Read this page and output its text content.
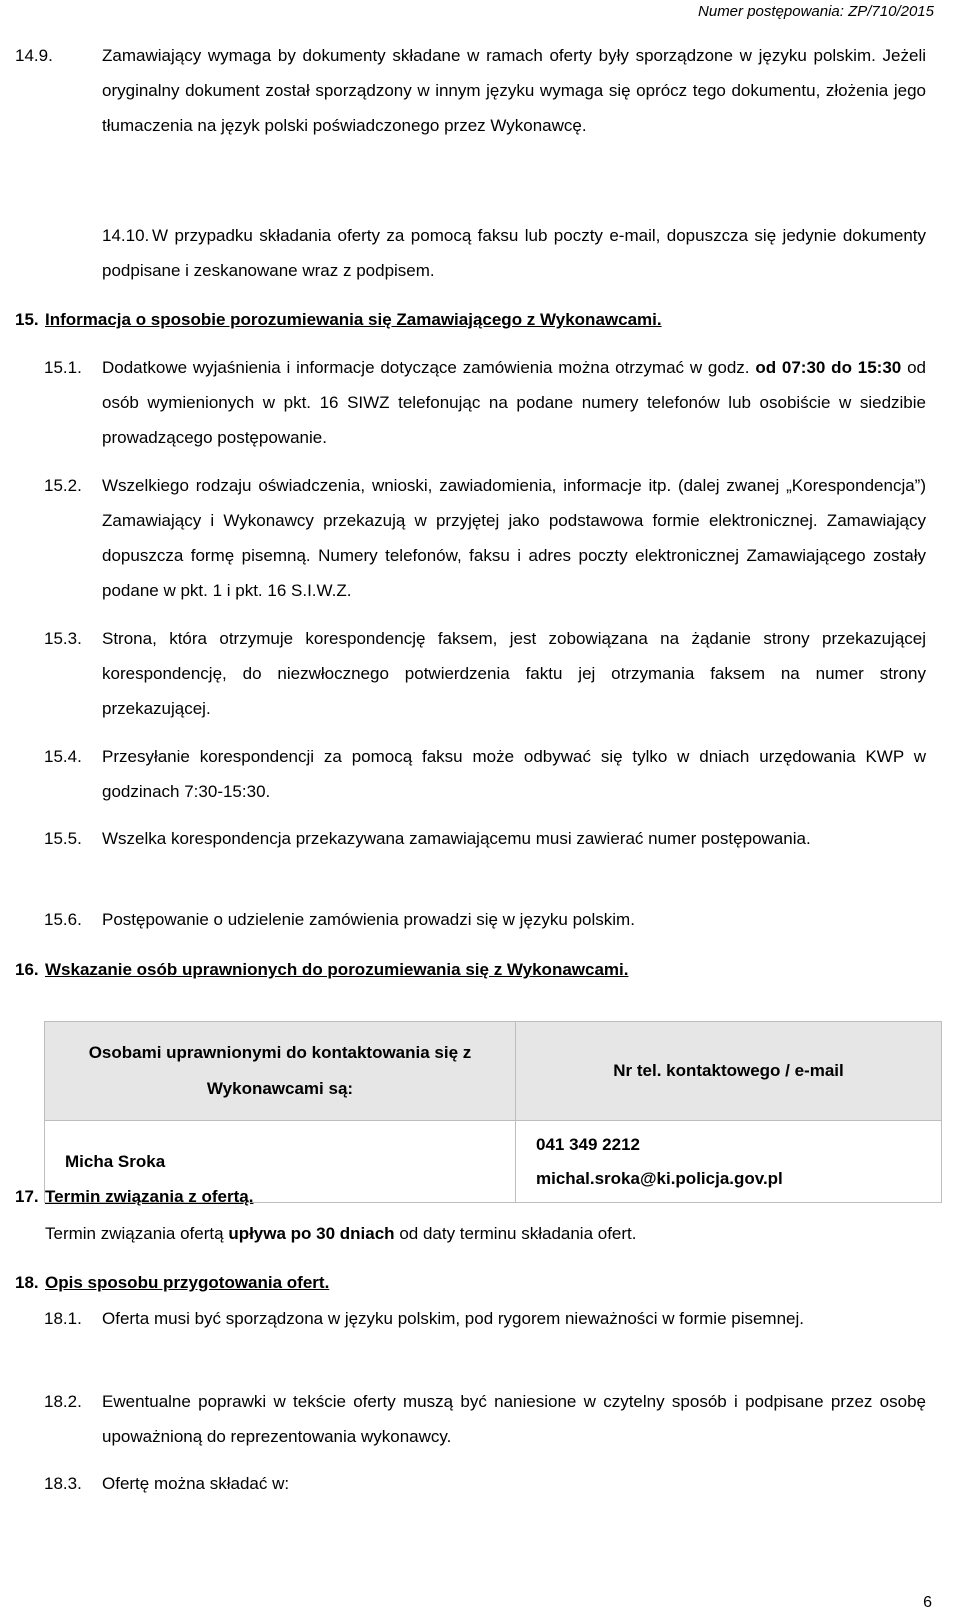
Numer postępowania: ZP/710/2015
14.9.	Zamawiający wymaga by dokumenty składane w ramach oferty były sporządzone w języku polskim. Jeżeli oryginalny dokument został sporządzony w innym języku wymaga się oprócz tego dokumentu, złożenia jego tłumaczenia na język polski poświadczonego przez Wykonawcę.
14.10. W przypadku składania oferty za pomocą faksu lub poczty e-mail, dopuszcza się jedynie dokumenty podpisane i zeskanowane wraz z podpisem.
15. Informacja o sposobie porozumiewania się Zamawiającego z Wykonawcami.
15.1. Dodatkowe wyjaśnienia i informacje dotyczące zamówienia można otrzymać w godz. od 07:30 do 15:30 od osób wymienionych w pkt. 16 SIWZ telefonując na podane numery telefonów lub osobiście w siedzibie prowadzącego postępowanie.
15.2. Wszelkiego rodzaju oświadczenia, wnioski, zawiadomienia, informacje itp. (dalej zwanej „Korespondencja”) Zamawiający i Wykonawcy przekazują w przyjętej jako podstawowa formie elektronicznej. Zamawiający dopuszcza formę pisemną. Numery telefonów, faksu i adres poczty elektronicznej Zamawiającego zostały podane w pkt. 1 i pkt. 16 S.I.W.Z.
15.3. Strona, która otrzymuje korespondencję faksem, jest zobowiązana na żądanie strony przekazującej korespondencję, do niezwłocznego potwierdzenia faktu jej otrzymania faksem na numer strony przekazującej.
15.4. Przesyłanie korespondencji za pomocą faksu może odbywać się tylko w dniach urzędowania KWP w godzinach 7:30-15:30.
15.5. Wszelka korespondencja przekazywana zamawiającemu musi zawierać numer postępowania.
15.6. Postępowanie o udzielenie zamówienia prowadzi się w języku polskim.
16. Wskazanie osób uprawnionych do porozumiewania się z Wykonawcami.
Osobami uprawnionymi do kontaktowania się z Wykonawcami są:	Nr tel. kontaktowego / e-mail

Micha Sroka	041 349 2212
michal.sroka@ki.policja.gov.pl
17. Termin związania z ofertą.
Termin związania ofertą upływa po 30 dniach od daty terminu składania ofert.
18. Opis sposobu przygotowania ofert.
18.1. Oferta musi być sporządzona w języku polskim, pod rygorem nieważności w formie pisemnej.
18.2. Ewentualne poprawki w tekście oferty muszą być naniesione w czytelny sposób i podpisane przez osobę upoważnioną do reprezentowania wykonawcy.
18.3. Ofertę można składać w:
6
